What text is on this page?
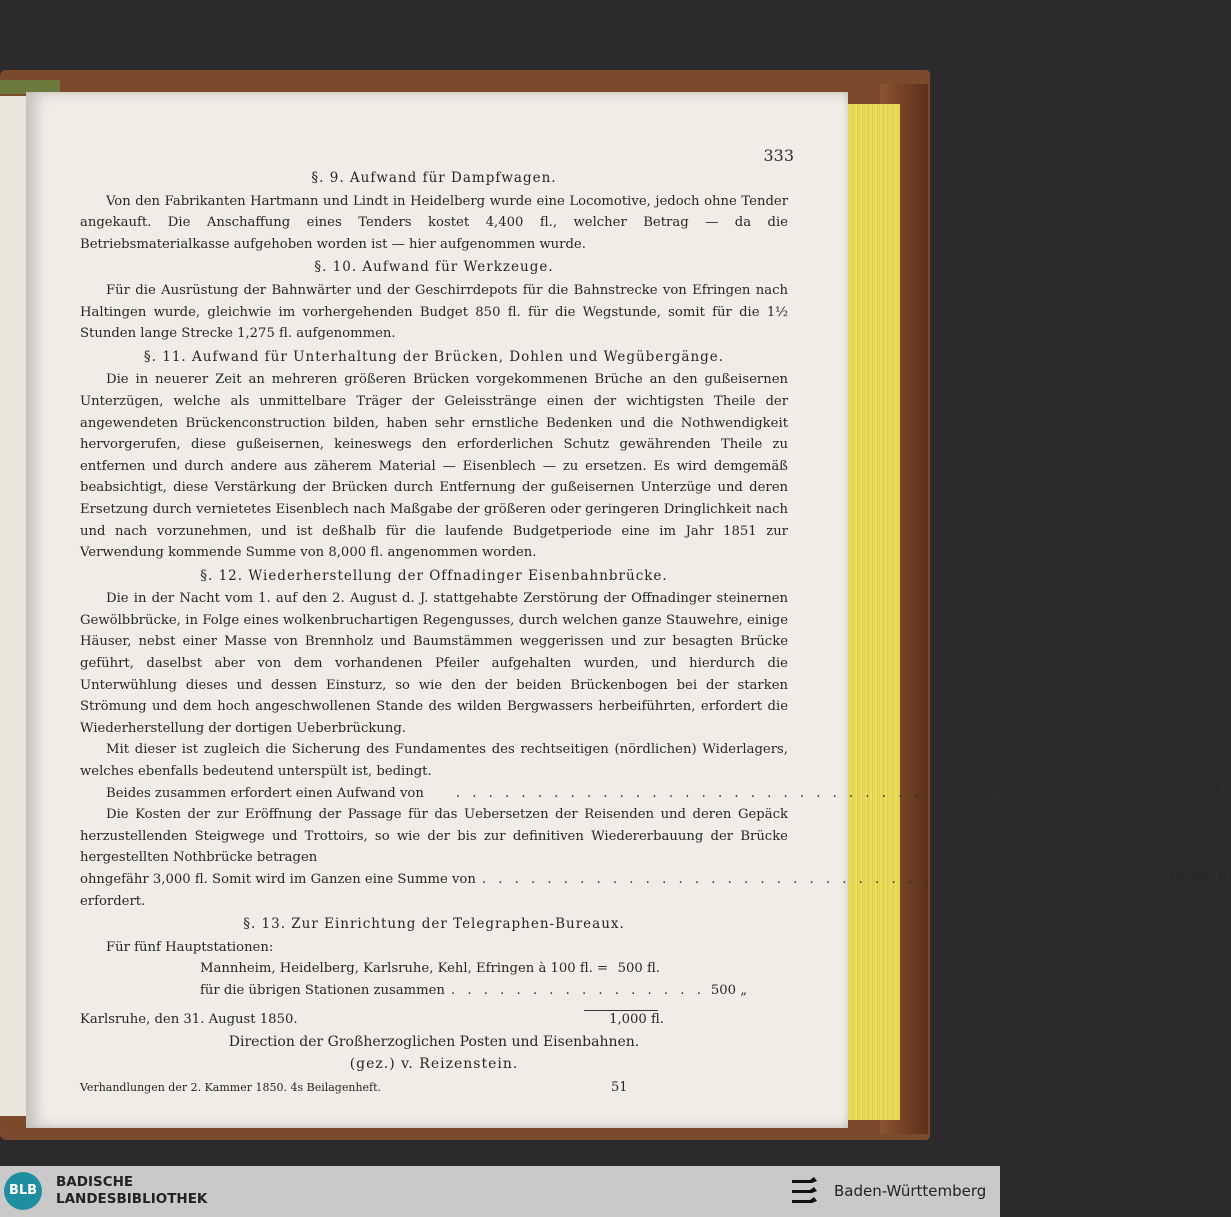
333
§. 9. Aufwand für Dampfwagen.

Von den Fabrikanten Hartmann und Lindt in Heidelberg wurde eine Locomotive, jedoch ohne Tender angekauft. Die Anschaffung eines Tenders kostet 4,400 fl., welcher Betrag — da die Betriebsmaterialkasse aufgehoben worden ist — hier aufgenommen wurde.

§. 10. Aufwand für Werkzeuge.

Für die Ausrüstung der Bahnwärter und der Geschirrdepots für die Bahnstrecke von Efringen nach Haltingen wurde, gleichwie im vorhergehenden Budget 850 fl. für die Wegstunde, somit für die 1½ Stunden lange Strecke 1,275 fl. aufgenommen.

§. 11. Aufwand für Unterhaltung der Brücken, Dohlen und Wegübergänge.

Die in neuerer Zeit an mehreren größeren Brücken vorgekommenen Brüche an den gußeisernen Unterzügen, welche als unmittelbare Träger der Geleisstränge einen der wichtigsten Theile der angewendeten Brückenconstruction bilden, haben sehr ernstliche Bedenken und die Nothwendigkeit hervorgerufen, diese gußeisernen, keineswegs den erforderlichen Schutz gewährenden Theile zu entfernen und durch andere aus zäherem Material — Eisenblech — zu ersetzen. Es wird demgemäß beabsichtigt, diese Verstärkung der Brücken durch Entfernung der gußeisernen Unterzüge und deren Ersetzung durch vernietetes Eisenblech nach Maßgabe der größeren oder geringeren Dringlichkeit nach und nach vorzunehmen, und ist deßhalb für die laufende Budgetperiode eine im Jahr 1851 zur Verwendung kommende Summe von 8,000 fl. angenommen worden.

§. 12. Wiederherstellung der Offnadinger Eisenbahnbrücke.

Die in der Nacht vom 1. auf den 2. August d. J. stattgehabte Zerstörung der Offnadinger steinernen Gewölbbrücke, in Folge eines wolkenbruchartigen Regengusses, durch welchen ganze Stauwehre, einige Häuser, nebst einer Masse von Brennholz und Baumstämmen weggerissen und zur besagten Brücke geführt, daselbst aber von dem vorhandenen Pfeiler aufgehalten wurden, und hierdurch die Unterwühlung dieses und dessen Einsturz, so wie den der beiden Brückenbogen bei der starken Strömung und dem hoch angeschwollenen Stande des wilden Bergwassers herbeiführten, erfordert die Wiederherstellung der dortigen Ueberbrückung.

Mit dieser ist zugleich die Sicherung des Fundamentes des rechtseitigen (nördlichen) Widerlagers, welches ebenfalls bedeutend unterspült ist, bedingt.

Beides zusammen erfordert einen Aufwand von	. . . . . . . . . . . . . . . . . . . . . . . . . . . . . . . . . . . . . . . . . .	7,500 fl.

Die Kosten der zur Eröffnung der Passage für das Uebersetzen der Reisenden und deren Gepäck herzustellenden Steigwege und Trottoirs, so wie der bis zur definitiven Wiedererbauung der Brücke hergestellten Nothbrücke betragen

ohngefähr 3,000 fl. Somit wird im Ganzen eine Summe von . . . . . . . . . . . . . . . . . . . . . . . . . . . . . . . . . . . . . . . . . . 10,500 fl.

erfordert.

§. 13. Zur Einrichtung der Telegraphen-Bureaux.

Für fünf Hauptstationen:

Mannheim, Heidelberg, Karlsruhe, Kehl, Efringen à 100 fl. = 500 fl.
für die übrigen Stationen zusammen . . . . . . . . . . . . . . . . 500 „
Karlsruhe, den 31. August 1850.	1,000 fl.
Direction der Großherzoglichen Posten und Eisenbahnen.
(gez.) v. Reizenstein.
Verhandlungen der 2. Kammer 1850. 4s Beilagenheft.	51
BLB
BADISCHE
LANDESBIBLIOTHEK	Baden-Württemberg
